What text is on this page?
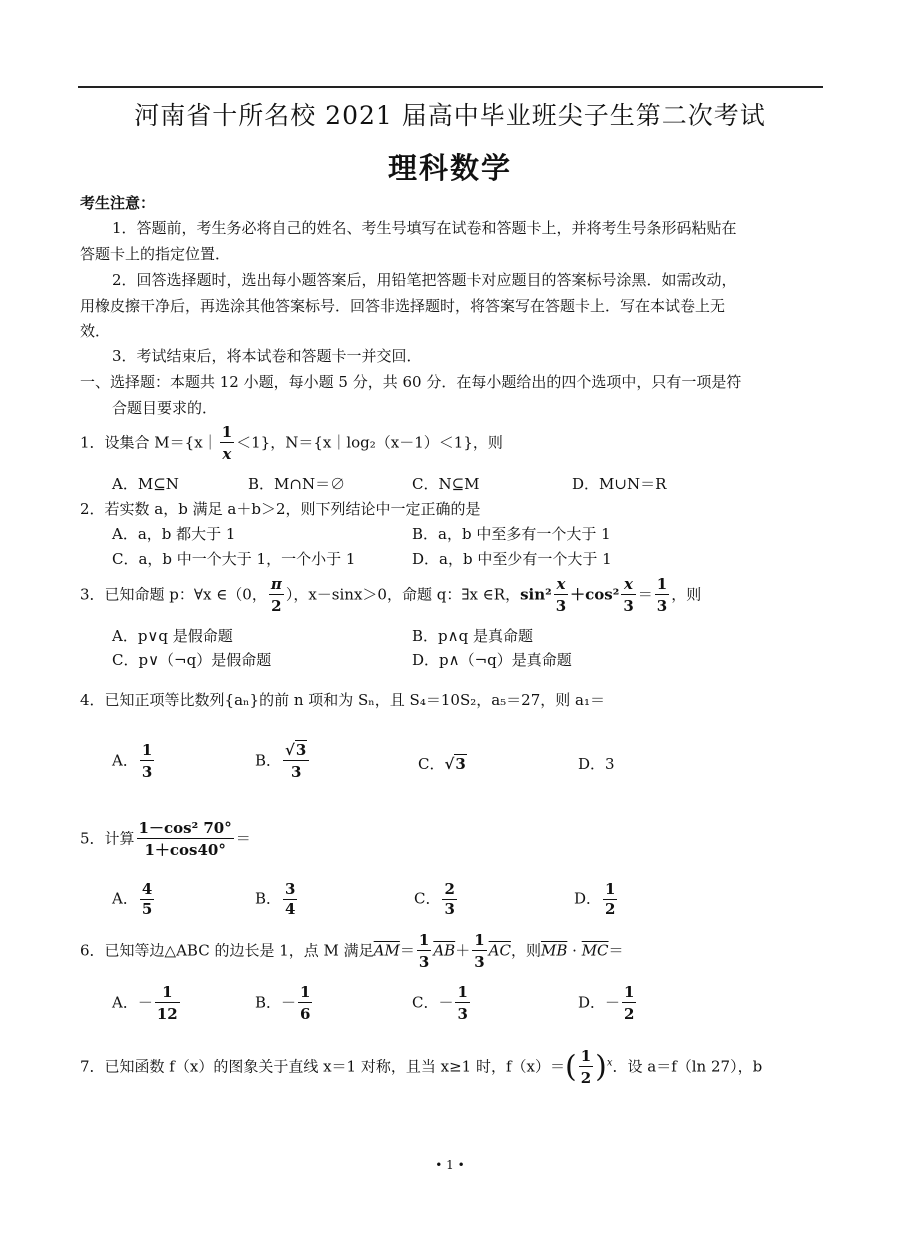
河南省十所名校 2021 届高中毕业班尖子生第二次考试
理科数学
考生注意：
1．答题前，考生务必将自己的姓名、考生号填写在试卷和答题卡上，并将考生号条形码粘贴在
答题卡上的指定位置．
2．回答选择题时，选出每小题答案后，用铅笔把答题卡对应题目的答案标号涂黑．如需改动，
用橡皮擦干净后，再选涂其他答案标号．回答非选择题时，将答案写在答题卡上．写在本试卷上无
效．
3．考试结束后，将本试卷和答题卡一并交回．
一、选择题：本题共 12 小题，每小题 5 分，共 60 分．在每小题给出的四个选项中，只有一项是符
合题目要求的．
1．设集合 M＝{x｜ $\frac{1}{x} <1$}，N＝{x｜log₂（x－1）＜1}，则
A．M⊆N	B．M∩N＝∅	C．N⊆M	D．M∪N＝R
2．若实数 a，b 满足 a＋b＞2，则下列结论中一定正确的是
A．a，b 都大于 1	B．a，b 中至多有一个大于 1
C．a，b 中一个大于 1，一个小于 1	D．a，b 中至少有一个大于 1
3．已知命题 p：∀x ∈（0， $\frac{\pi}{2}$ ），x－sinx＞0，命题 q：∃x ∈R，$\sin^2 \frac{x}{3} +\cos^2 \frac{x}{3} = \frac{1}{3}$ ，则
A．p∨q 是假命题	B．p∧q 是真命题
C．p∨（¬q）是假命题	D．p∧（¬q）是真命题
4．已知正项等比数列{aₙ}的前 n 项和为 Sₙ，且 S₄＝10S₂，a₅＝27，则 a₁＝
A． $\frac{1}{3}$	B． $\frac{√3}{3}$	C．√3	D．3
5．计算 $\frac{\text{1－cos² 70°}}{1+\cos 40^\circ}$ ＝
A． $\frac{4}{5}$	B． $\frac{3}{4}$	C． $\frac{2}{3}$	D． $\frac{1}{2}$
6．已知等边△ABC 的边长是 1，点 M 满足$\overline{AM}= \frac{1}{3} \overline{AB}+ \frac{1}{3} \overline{AC}$，则$\overline{MB} \cdot \overline{MC}=$
A．－ $\frac{1}{12}$	B．－ $\frac{1}{6}$	C．－ $\frac{1}{3}$	D．－ $\frac{1}{2}$
7．已知函数 f（x）的图象关于直线 x＝1 对称，且当 x≥1 时，$f(x)=( \frac{1}{2} )^x$．设 a＝f（ln 27），b
• 1 •
